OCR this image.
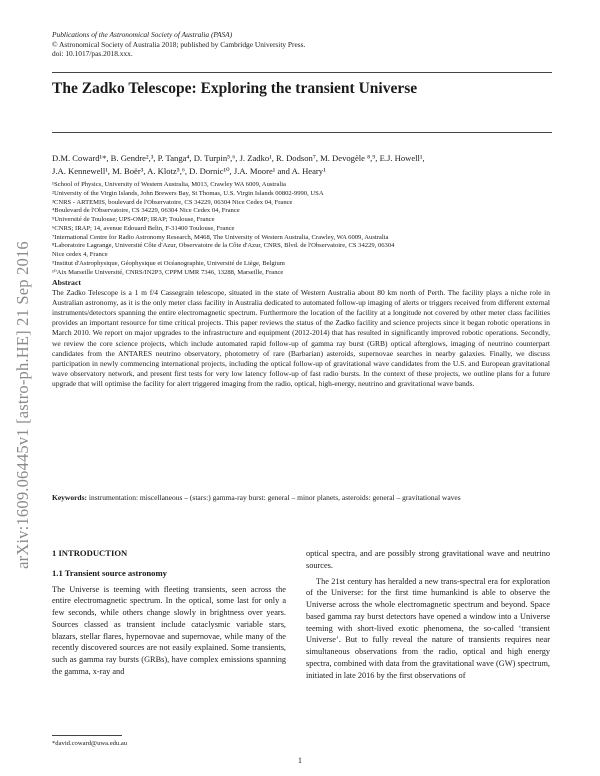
arXiv:1609.06445v1 [astro-ph.HE] 21 Sep 2016
Publications of the Astronomical Society of Australia (PASA)
© Astronomical Society of Australia 2018; published by Cambridge University Press.
doi: 10.1017/pas.2018.xxx.
The Zadko Telescope: Exploring the transient Universe
D.M. Coward¹*, B. Gendre²,³, P. Tanga⁴, D. Turpin⁵,⁶, J. Zadko¹, R. Dodson⁷, M. Devogèle ⁸,⁹, E.J. Howell¹,
J.A. Kennewell¹, M. Boër³, A. Klotz⁵,⁶, D. Dornic¹⁰, J.A. Moore¹ and A. Heary¹
¹School of Physics, University of Western Australia, M013, Crawley WA 6009, Australia
²University of the Virgin Islands, John Brewers Bay, St Thomas, U.S. Virgin Islands 00802-9990, USA
³CNRS - ARTEMIS, boulevard de l'Observatoire, CS 34229, 06304 Nice Cedex 04, France
⁴Boulevard de l'Observatoire, CS 34229, 06304 Nice Cedex 04, France
⁵Université de Toulouse; UPS-OMP; IRAP; Toulouse, France
⁶CNRS; IRAP; 14, avenue Edouard Belin, F-31400 Toulouse, France
⁷International Centre for Radio Astronomy Research, M468, The University of Western Australia, Crawley, WA 6009, Australia
⁸Laboratoire Lagrange, Université Côte d'Azur, Observatoire de la Côte d'Azur, CNRS, Blvd. de l'Observatoire, CS 34229, 06304
Nice cedex 4, France
⁹Institut d'Astrophysique, Géophysique et Océanographie, Université de Liège, Belgium
¹⁰Aix Marseille Université, CNRS/IN2P3, CPPM UMR 7346, 13288, Marseille, France
Abstract

The Zadko Telescope is a 1 m f/4 Cassegrain telescope, situated in the state of Western Australia about 80 km north of Perth. The facility plays a niche role in Australian astronomy, as it is the only meter class facility in Australia dedicated to automated follow-up imaging of alerts or triggers received from different external instruments/detectors spanning the entire electromagnetic spectrum. Furthermore the location of the facility at a longitude not covered by other meter class facilities provides an important resource for time critical projects. This paper reviews the status of the Zadko facility and science projects since it began robotic operations in March 2010. We report on major upgrades to the infrastructure and equipment (2012-2014) that has resulted in significantly improved robotic operations. Secondly, we review the core science projects, which include automated rapid follow-up of gamma ray burst (GRB) optical afterglows, imaging of neutrino counterpart candidates from the ANTARES neutrino observatory, photometry of rare (Barbarian) asteroids, supernovae searches in nearby galaxies. Finally, we discuss participation in newly commencing international projects, including the optical follow-up of gravitational wave candidates from the U.S. and European gravitational wave observatory network, and present first tests for very low latency follow-up of fast radio bursts. In the context of these projects, we outline plans for a future upgrade that will optimise the facility for alert triggered imaging from the radio, optical, high-energy, neutrino and gravitational wave bands.

Keywords: instrumentation: miscellaneous – (stars:) gamma-ray burst: general – minor planets, asteroids: general – gravitational waves
1 INTRODUCTION
1.1 Transient source astronomy

The Universe is teeming with fleeting transients, seen across the entire electromagnetic spectrum. In the optical, some last for only a few seconds, while others change slowly in brightness over years. Sources classed as transient include cataclysmic variable stars, blazars, stellar flares, hypernovae and supernovae, while many of the recently discovered sources are not easily explained. Some transients, such as gamma ray bursts (GRBs), have complex emissions spanning the gamma, x-ray and

optical spectra, and are possibly strong gravitational wave and neutrino sources.

The 21st century has heralded a new trans-spectral era for exploration of the Universe: for the first time humankind is able to observe the Universe across the whole electromagnetic spectrum and beyond. Space based gamma ray burst detectors have opened a window into a Universe teeming with short-lived exotic phenomena, the so-called ‘transient Universe’. But to fully reveal the nature of transients requires near simultaneous observations from the radio, optical and high energy spectra, combined with data from the gravitational wave (GW) spectrum, initiated in late 2016 by the first observations of

*david.coward@uwa.edu.au
1
